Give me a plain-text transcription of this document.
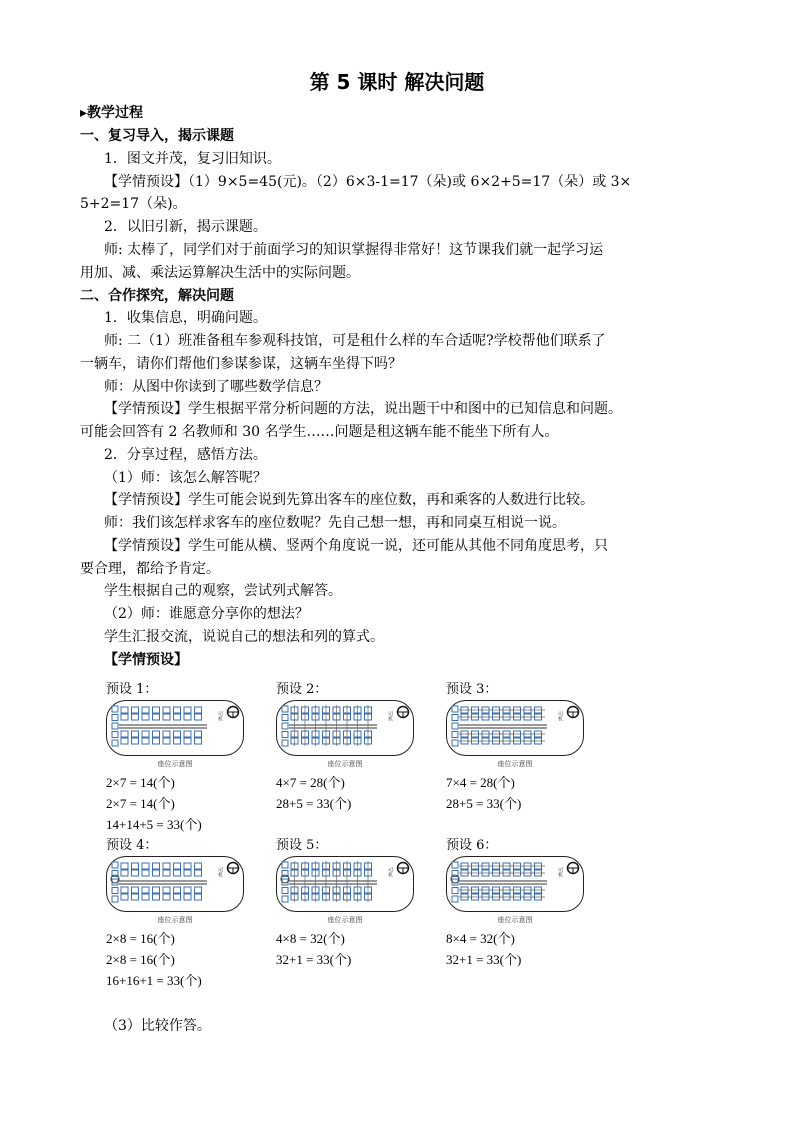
第 5 课时 解决问题
▸教学过程
一、复习导入，揭示课题
1．图文并茂，复习旧知识。
【学情预设】（1）9×5=45(元)。（2）6×3-1=17（朵)或 6×2+5=17（朵）或 3×
5+2=17（朵)。
2．以旧引新，揭示课题。
师: 太棒了，同学们对于前面学习的知识掌握得非常好！这节课我们就一起学习运
用加、减、乘法运算解决生活中的实际问题。
二、合作探究，解决问题
1．收集信息，明确问题。
师: 二（1）班准备租车参观科技馆，可是租什么样的车合适呢?学校帮他们联系了
一辆车，请你们帮他们参谋参谋，这辆车坐得下吗？
师：从图中你读到了哪些数学信息？
【学情预设】学生根据平常分析问题的方法，说出题干中和图中的已知信息和问题。
可能会回答有 2 名教师和 30 名学生……问题是租这辆车能不能坐下所有人。
2．分享过程，感悟方法。
（1）师：该怎么解答呢？
【学情预设】学生可能会说到先算出客车的座位数，再和乘客的人数进行比较。
师：我们该怎样求客车的座位数呢？先自己想一想，再和同桌互相说一说。
【学情预设】学生可能从横、竖两个角度说一说，还可能从其他不同角度思考，只
要合理，都给予肯定。
学生根据自己的观察，尝试列式解答。
（2）师：谁愿意分享你的想法？
学生汇报交流，说说自己的想法和列的算式。
【学情预设】
预设 1：
司机
座位示意图
2×7 = 14(个)
2×7 = 14(个)
14+14+5 = 33(个)
预设 2：
司机
座位示意图
4×7 = 28(个)
28+5 = 33(个)
预设 3：
司机
座位示意图
7×4 = 28(个)
28+5 = 33(个)
预设 4：
司机
座位示意图
2×8 = 16(个)
2×8 = 16(个)
16+16+1 = 33(个)
预设 5：
司机
座位示意图
4×8 = 32(个)
32+1 = 33(个)
预设 6：
司机
座位示意图
8×4 = 32(个)
32+1 = 33(个)
（3）比较作答。
